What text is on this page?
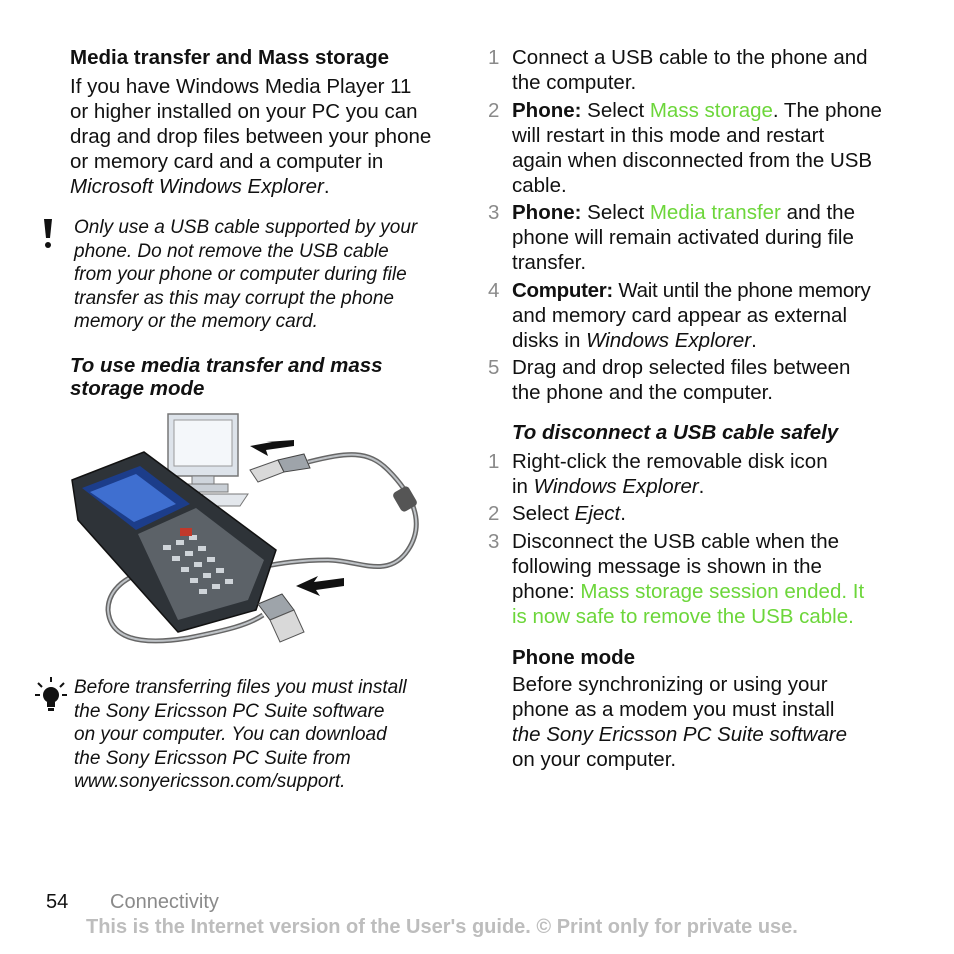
Media transfer and Mass storage
If you have Windows Media Player 11
or higher installed on your PC you can
drag and drop files between your phone
or memory card and a computer in
Microsoft Windows Explorer.
Only use a USB cable supported by your
phone. Do not remove the USB cable
from your phone or computer during file
transfer as this may corrupt the phone
memory or the memory card.
To use media transfer and mass
storage mode
Before transferring files you must install
the Sony Ericsson PC Suite software
on your computer. You can download
the Sony Ericsson PC Suite from
www.sonyericsson.com/support.
1 Connect a USB cable to the phone and
the computer.
2 Phone: Select Mass storage. The phone
will restart in this mode and restart
again when disconnected from the USB
cable.
3 Phone: Select Media transfer and the
phone will remain activated during file
transfer.
4 Computer: Wait until the phone memory
and memory card appear as external
disks in Windows Explorer.
5 Drag and drop selected files between
the phone and the computer.
To disconnect a USB cable safely
1 Right-click the removable disk icon
in Windows Explorer.
2 Select Eject.
3 Disconnect the USB cable when the
following message is shown in the
phone: Mass storage session ended. It
is now safe to remove the USB cable.
Phone mode
Before synchronizing or using your
phone as a modem you must install
the Sony Ericsson PC Suite software
on your computer.
54 Connectivity
This is the Internet version of the User's guide. © Print only for private use.
